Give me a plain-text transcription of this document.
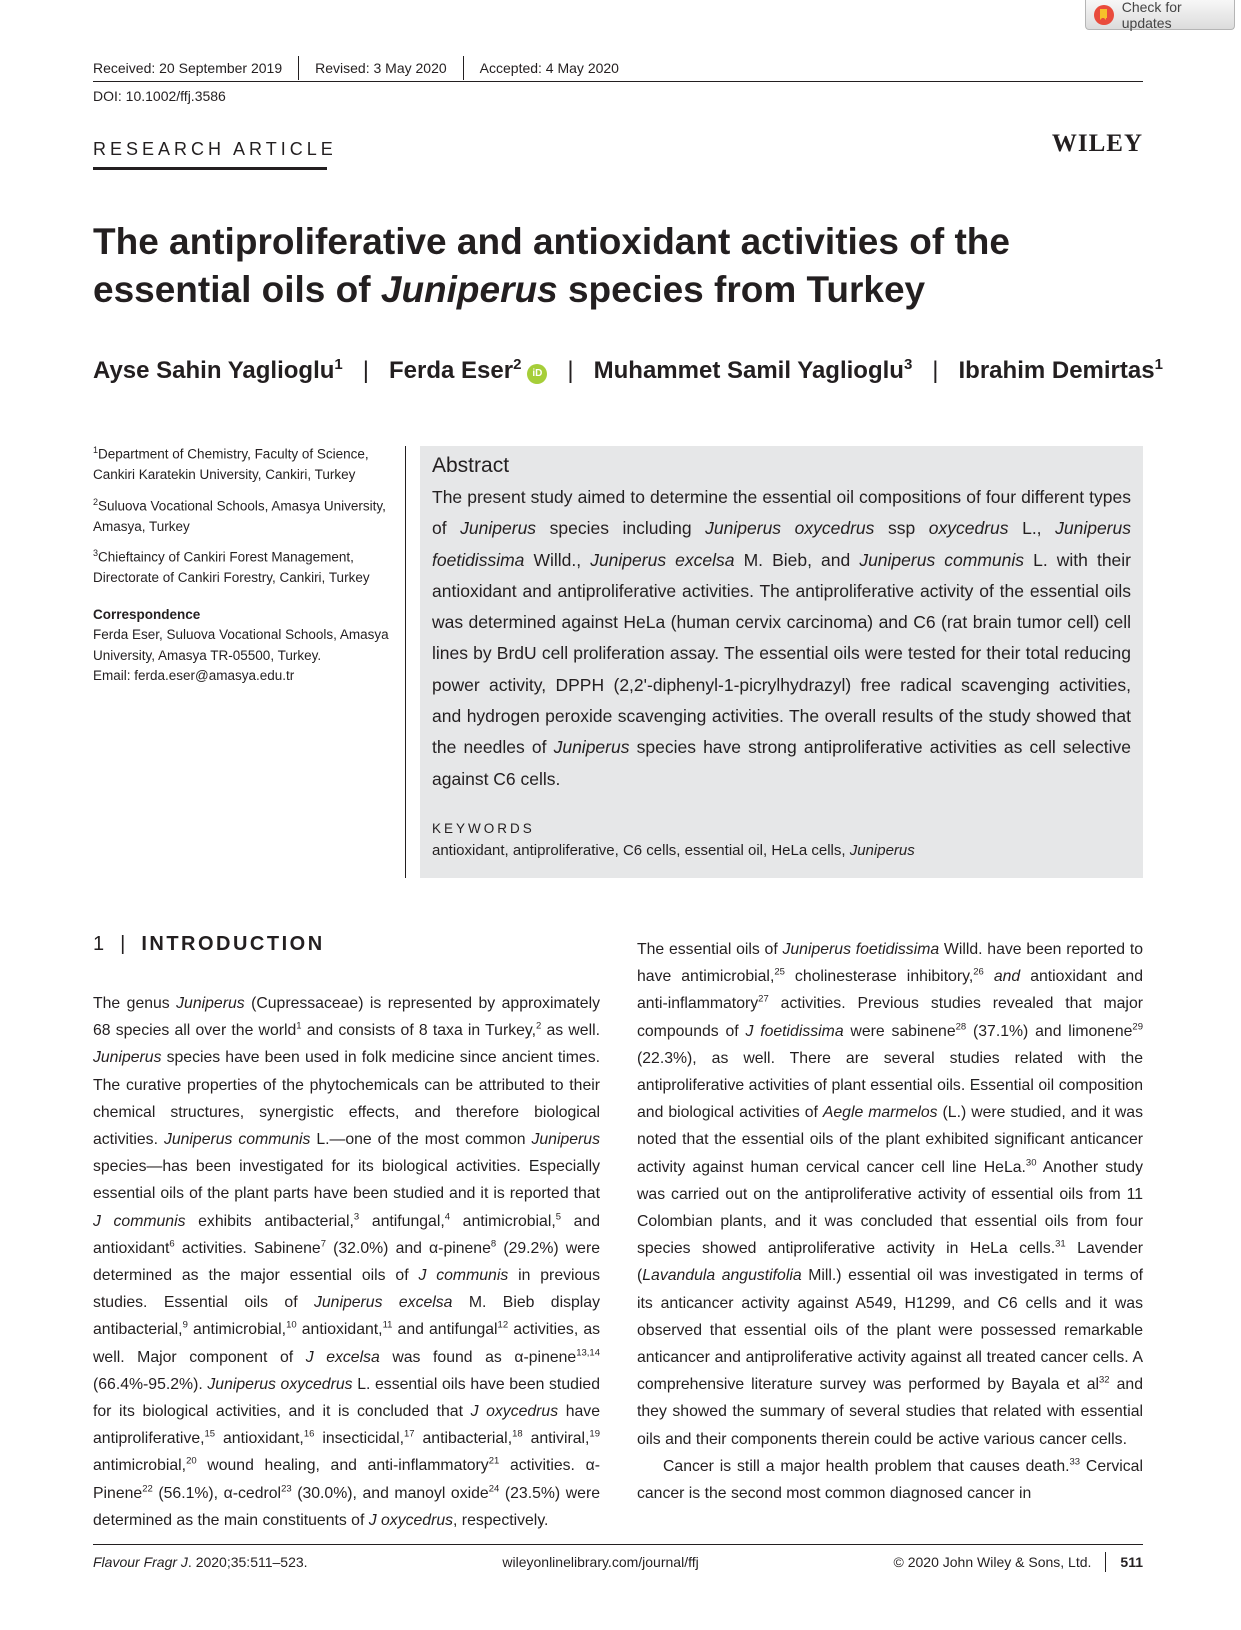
Check for updates
Received: 20 September 2019	Revised: 3 May 2020	Accepted: 4 May 2020
DOI: 10.1002/ffj.3586
RESEARCH ARTICLE	WILEY
The antiproliferative and antioxidant activities of the essential oils of Juniperus species from Turkey
Ayse Sahin Yaglioglu$^1$ | Ferda Eser$^2$iD | Muhammet Samil Yaglioglu$^3$ | Ibrahim Demirtas$^1$

$^1$Department of Chemistry, Faculty of Science, Cankiri Karatekin University, Cankiri, Turkey

$^2$Suluova Vocational Schools, Amasya University, Amasya, Turkey

$^3$Chieftaincy of Cankiri Forest Management, Directorate of Cankiri Forestry, Cankiri, Turkey

Correspondence
Ferda Eser, Suluova Vocational Schools, Amasya University, Amasya TR-05500, Turkey.
Email: ferda.eser@amasya.edu.tr
Abstract

The present study aimed to determine the essential oil compositions of four different types of Juniperus species including Juniperus oxycedrus ssp oxycedrus L., Juniperus foetidissima Willd., Juniperus excelsa M. Bieb, and Juniperus communis L. with their antioxidant and antiproliferative activities. The antiproliferative activity of the essential oils was determined against HeLa (human cervix carcinoma) and C6 (rat brain tumor cell) cell lines by BrdU cell proliferation assay. The essential oils were tested for their total reducing power activity, DPPH (2,2'-diphenyl-1-picrylhydrazyl) free radical scavenging activities, and hydrogen peroxide scavenging activities. The overall results of the study showed that the needles of Juniperus species have strong antiproliferative activities as cell selective against C6 cells.

KEYWORDS
antioxidant, antiproliferative, C6 cells, essential oil, HeLa cells, Juniperus
1 | INTRODUCTION

The genus Juniperus (Cupressaceae) is represented by approximately 68 species all over the world$^1$ and consists of 8 taxa in Turkey,$^2$ as well. Juniperus species have been used in folk medicine since ancient times. The curative properties of the phytochemicals can be attributed to their chemical structures, synergistic effects, and therefore biological activities. Juniperus communis L.—one of the most common Juniperus species—has been investigated for its biological activities. Especially essential oils of the plant parts have been studied and it is reported that J communis exhibits antibacterial,$^3$ antifungal,$^4$ antimicrobial,$^5$ and antioxidant$^6$ activities. Sabinene$^7$ (32.0%) and α-pinene$^8$ (29.2%) were determined as the major essential oils of J communis in previous studies. Essential oils of Juniperus excelsa M. Bieb display antibacterial,$^9$ antimicrobial,$^{10}$ antioxidant,$^{11}$ and antifungal$^{12}$ activities, as well. Major component of J excelsa was found as α-pinene$^{13,14}$ (66.4%-95.2%). Juniperus oxycedrus L. essential oils have been studied for its biological activities, and it is concluded that J oxycedrus have antiproliferative,$^{15}$ antioxidant,$^{16}$ insecticidal,$^{17}$ antibacterial,$^{18}$ antiviral,$^{19}$ antimicrobial,$^{20}$ wound healing, and anti-inflammatory$^{21}$ activities. α-Pinene$^{22}$ (56.1%), α-cedrol$^{23}$ (30.0%), and manoyl oxide$^{24}$ (23.5%) were determined as the main constituents of J oxycedrus, respectively.

The essential oils of Juniperus foetidissima Willd. have been reported to have antimicrobial,$^{25}$ cholinesterase inhibitory,$^{26}$ and antioxidant and anti-inflammatory$^{27}$ activities. Previous studies revealed that major compounds of J foetidissima were sabinene$^{28}$ (37.1%) and limonene$^{29}$ (22.3%), as well. There are several studies related with the antiproliferative activities of plant essential oils. Essential oil composition and biological activities of Aegle marmelos (L.) were studied, and it was noted that the essential oils of the plant exhibited significant anticancer activity against human cervical cancer cell line HeLa.$^{30}$ Another study was carried out on the antiproliferative activity of essential oils from 11 Colombian plants, and it was concluded that essential oils from four species showed antiproliferative activity in HeLa cells.$^{31}$ Lavender (Lavandula angustifolia Mill.) essential oil was investigated in terms of its anticancer activity against A549, H1299, and C6 cells and it was observed that essential oils of the plant were possessed remarkable anticancer and antiproliferative activity against all treated cancer cells. A comprehensive literature survey was performed by Bayala et $al^{32}$ and they showed the summary of several studies that related with essential oils and their components therein could be active various cancer cells.

Cancer is still a major health problem that causes death.$^{33}$ Cervical cancer is the second most common diagnosed cancer in

Flavour Fragr J. 2020;35:511–523.	wileyonlinelibrary.com/journal/ffj	© 2020 John Wiley & Sons, Ltd. 511
